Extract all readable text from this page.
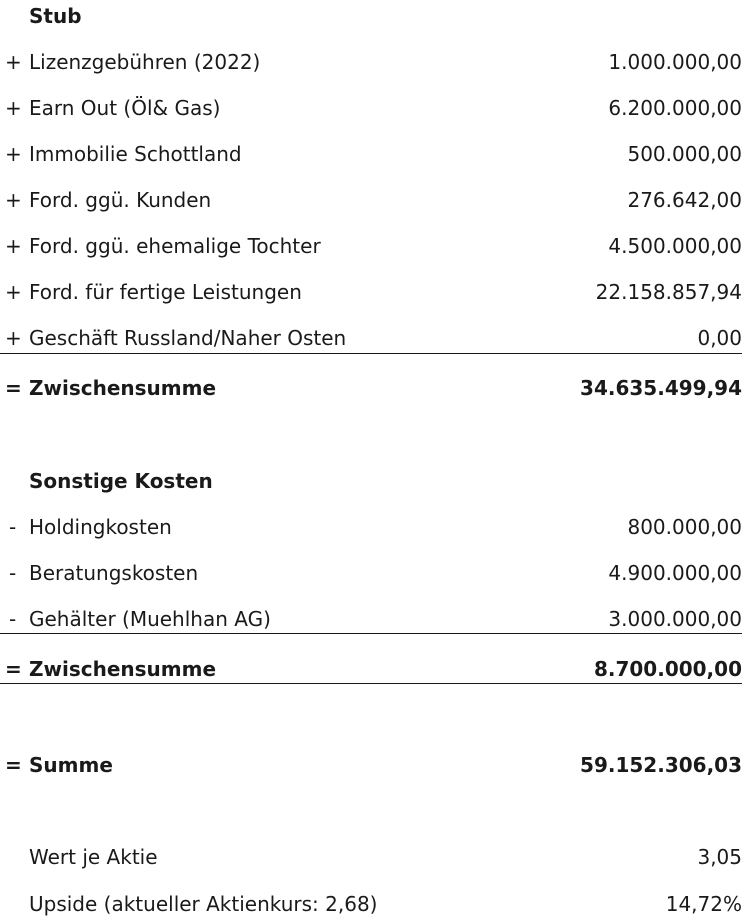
Stub
+ Lizenzgebühren (2022)	1.000.000,00
+ Earn Out (Öl& Gas)	6.200.000,00
+ Immobilie Schottland	500.000,00
+ Ford. ggü. Kunden	276.642,00
+ Ford. ggü. ehemalige Tochter	4.500.000,00
+ Ford. für fertige Leistungen	22.158.857,94
+ Geschäft Russland/Naher Osten	0,00
= Zwischensumme	34.635.499,94
Sonstige Kosten
- Holdingkosten	800.000,00
- Beratungskosten	4.900.000,00
- Gehälter (Muehlhan AG)	3.000.000,00
= Zwischensumme	8.700.000,00
= Summe	59.152.306,03
Wert je Aktie	3,05
Upside (aktueller Aktienkurs: 2,68)	14,72%
